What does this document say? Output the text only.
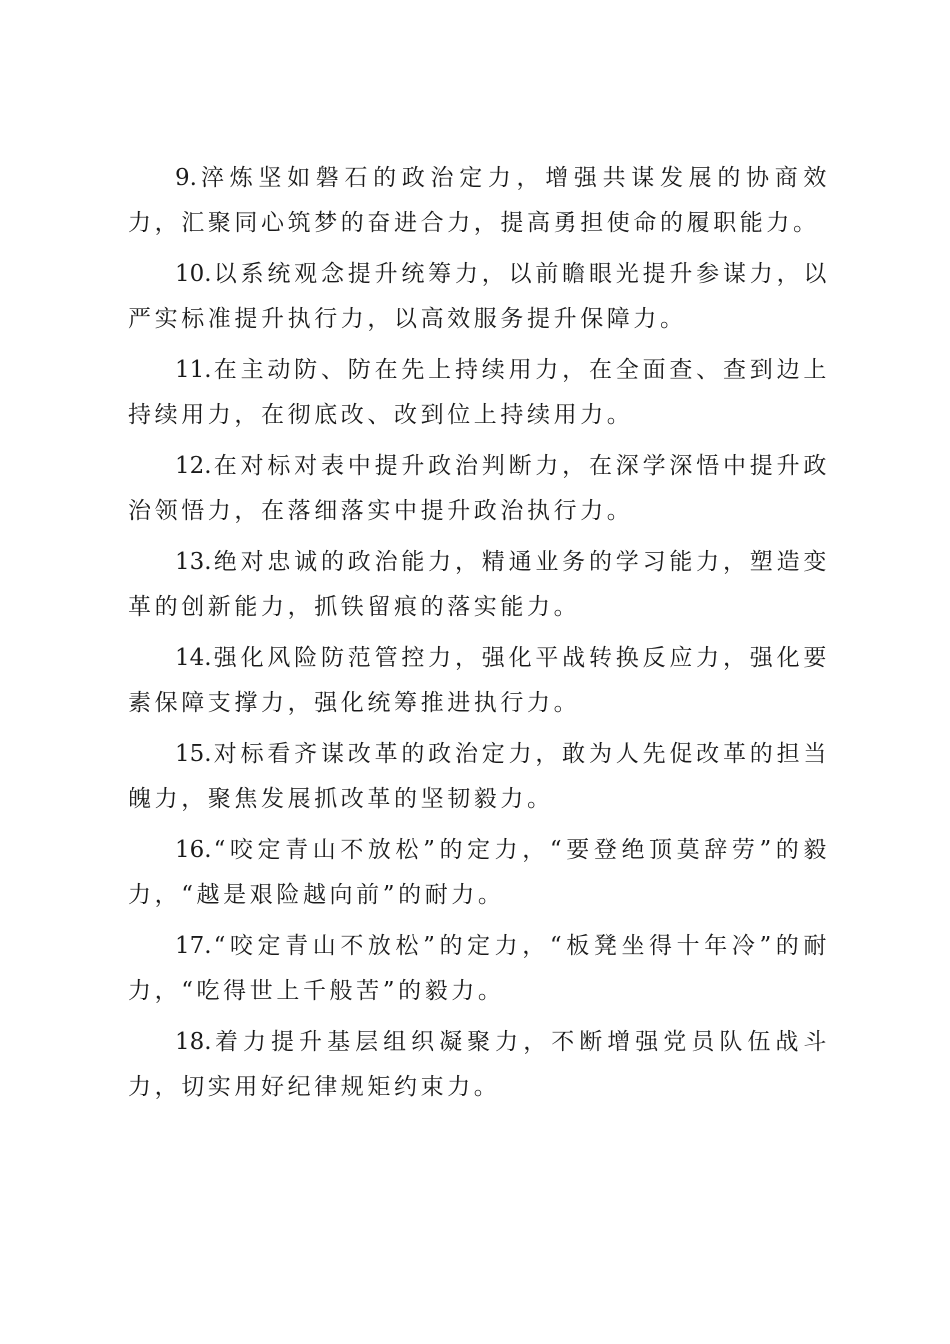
9.淬炼坚如磐石的政治定力，增强共谋发展的协商效力，汇聚同心筑梦的奋进合力，提高勇担使命的履职能力。

10.以系统观念提升统筹力，以前瞻眼光提升参谋力，以严实标准提升执行力，以高效服务提升保障力。

11.在主动防、防在先上持续用力，在全面查、查到边上持续用力，在彻底改、改到位上持续用力。

12.在对标对表中提升政治判断力，在深学深悟中提升政治领悟力，在落细落实中提升政治执行力。

13.绝对忠诚的政治能力，精通业务的学习能力，塑造变革的创新能力，抓铁留痕的落实能力。

14.强化风险防范管控力，强化平战转换反应力，强化要素保障支撑力，强化统筹推进执行力。

15.对标看齐谋改革的政治定力，敢为人先促改革的担当魄力，聚焦发展抓改革的坚韧毅力。

16.“咬定青山不放松”的定力，“要登绝顶莫辞劳”的毅力，“越是艰险越向前”的耐力。

17.“咬定青山不放松”的定力，“板凳坐得十年冷”的耐力，“吃得世上千般苦”的毅力。

18.着力提升基层组织凝聚力，不断增强党员队伍战斗力，切实用好纪律规矩约束力。
